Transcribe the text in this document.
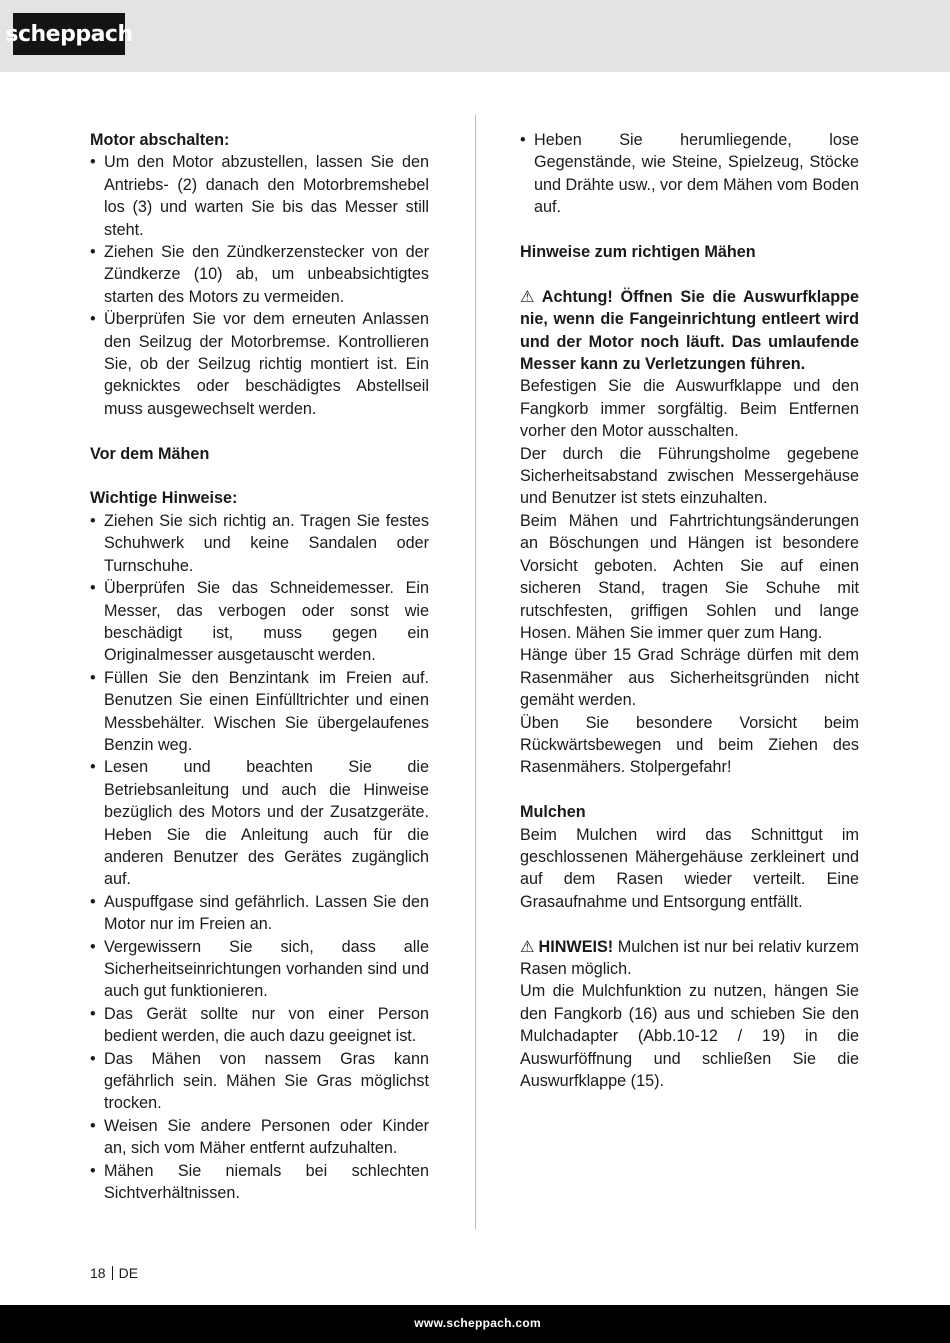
scheppach

Motor abschalten:

• Um den Motor abzustellen, lassen Sie den Antriebs- (2) danach den Motorbremshebel los (3) und warten Sie bis das Messer still steht.
• Ziehen Sie den Zündkerzenstecker von der Zündkerze (10) ab, um unbeabsichtigtes starten des Motors zu vermeiden.
• Überprüfen Sie vor dem erneuten Anlassen den Seilzug der Motorbremse. Kontrollieren Sie, ob der Seilzug richtig montiert ist. Ein geknicktes oder beschädigtes Abstellseil muss ausgewechselt werden.

Vor dem Mähen

Wichtige Hinweise:

• Ziehen Sie sich richtig an. Tragen Sie festes Schuhwerk und keine Sandalen oder Turnschuhe.
• Überprüfen Sie das Schneidemesser. Ein Messer, das verbogen oder sonst wie beschädigt ist, muss gegen ein Originalmesser ausgetauscht werden.
• Füllen Sie den Benzintank im Freien auf. Benutzen Sie einen Einfülltrichter und einen Messbehälter. Wischen Sie übergelaufenes Benzin weg.
• Lesen und beachten Sie die Betriebsanleitung und auch die Hinweise bezüglich des Motors und der Zusatzgeräte. Heben Sie die Anleitung auch für die anderen Benutzer des Gerätes zugänglich auf.
• Auspuffgase sind gefährlich. Lassen Sie den Motor nur im Freien an.
• Vergewissern Sie sich, dass alle Sicherheitseinrichtungen vorhanden sind und auch gut funktionieren.
• Das Gerät sollte nur von einer Person bedient werden, die auch dazu geeignet ist.
• Das Mähen von nassem Gras kann gefährlich sein. Mähen Sie Gras möglichst trocken.
• Weisen Sie andere Personen oder Kinder an, sich vom Mäher entfernt aufzuhalten.
• Mähen Sie niemals bei schlechten Sichtverhältnissen.
• Heben Sie herumliegende, lose Gegenstände, wie Steine, Spielzeug, Stöcke und Drähte usw., vor dem Mähen vom Boden auf.

Hinweise zum richtigen Mähen

⚠ Achtung! Öffnen Sie die Auswurfklappe nie, wenn die Fangeinrichtung entleert wird und der Motor noch läuft. Das umlaufende Messer kann zu Verletzungen führen.

Befestigen Sie die Auswurfklappe und den Fangkorb immer sorgfältig. Beim Entfernen vorher den Motor ausschalten.

Der durch die Führungsholme gegebene Sicherheitsabstand zwischen Messergehäuse und Benutzer ist stets einzuhalten.

Beim Mähen und Fahrtrichtungsänderungen an Böschungen und Hängen ist besondere Vorsicht geboten. Achten Sie auf einen sicheren Stand, tragen Sie Schuhe mit rutschfesten, griffigen Sohlen und lange Hosen. Mähen Sie immer quer zum Hang.

Hänge über 15 Grad Schräge dürfen mit dem Rasenmäher aus Sicherheitsgründen nicht gemäht werden.

Üben Sie besondere Vorsicht beim Rückwärtsbewegen und beim Ziehen des Rasenmähers. Stolpergefahr!

Mulchen

Beim Mulchen wird das Schnittgut im geschlossenen Mähergehäuse zerkleinert und auf dem Rasen wieder verteilt. Eine Grasaufnahme und Entsorgung entfällt.

⚠ HINWEIS! Mulchen ist nur bei relativ kurzem Rasen möglich.

Um die Mulchfunktion zu nutzen, hängen Sie den Fangkorb (16) aus und schieben Sie den Mulchadapter (Abb.10-12 / 19) in die Auswurföffnung und schließen Sie die Auswurfklappe (15).

18 DE
www.scheppach.com
